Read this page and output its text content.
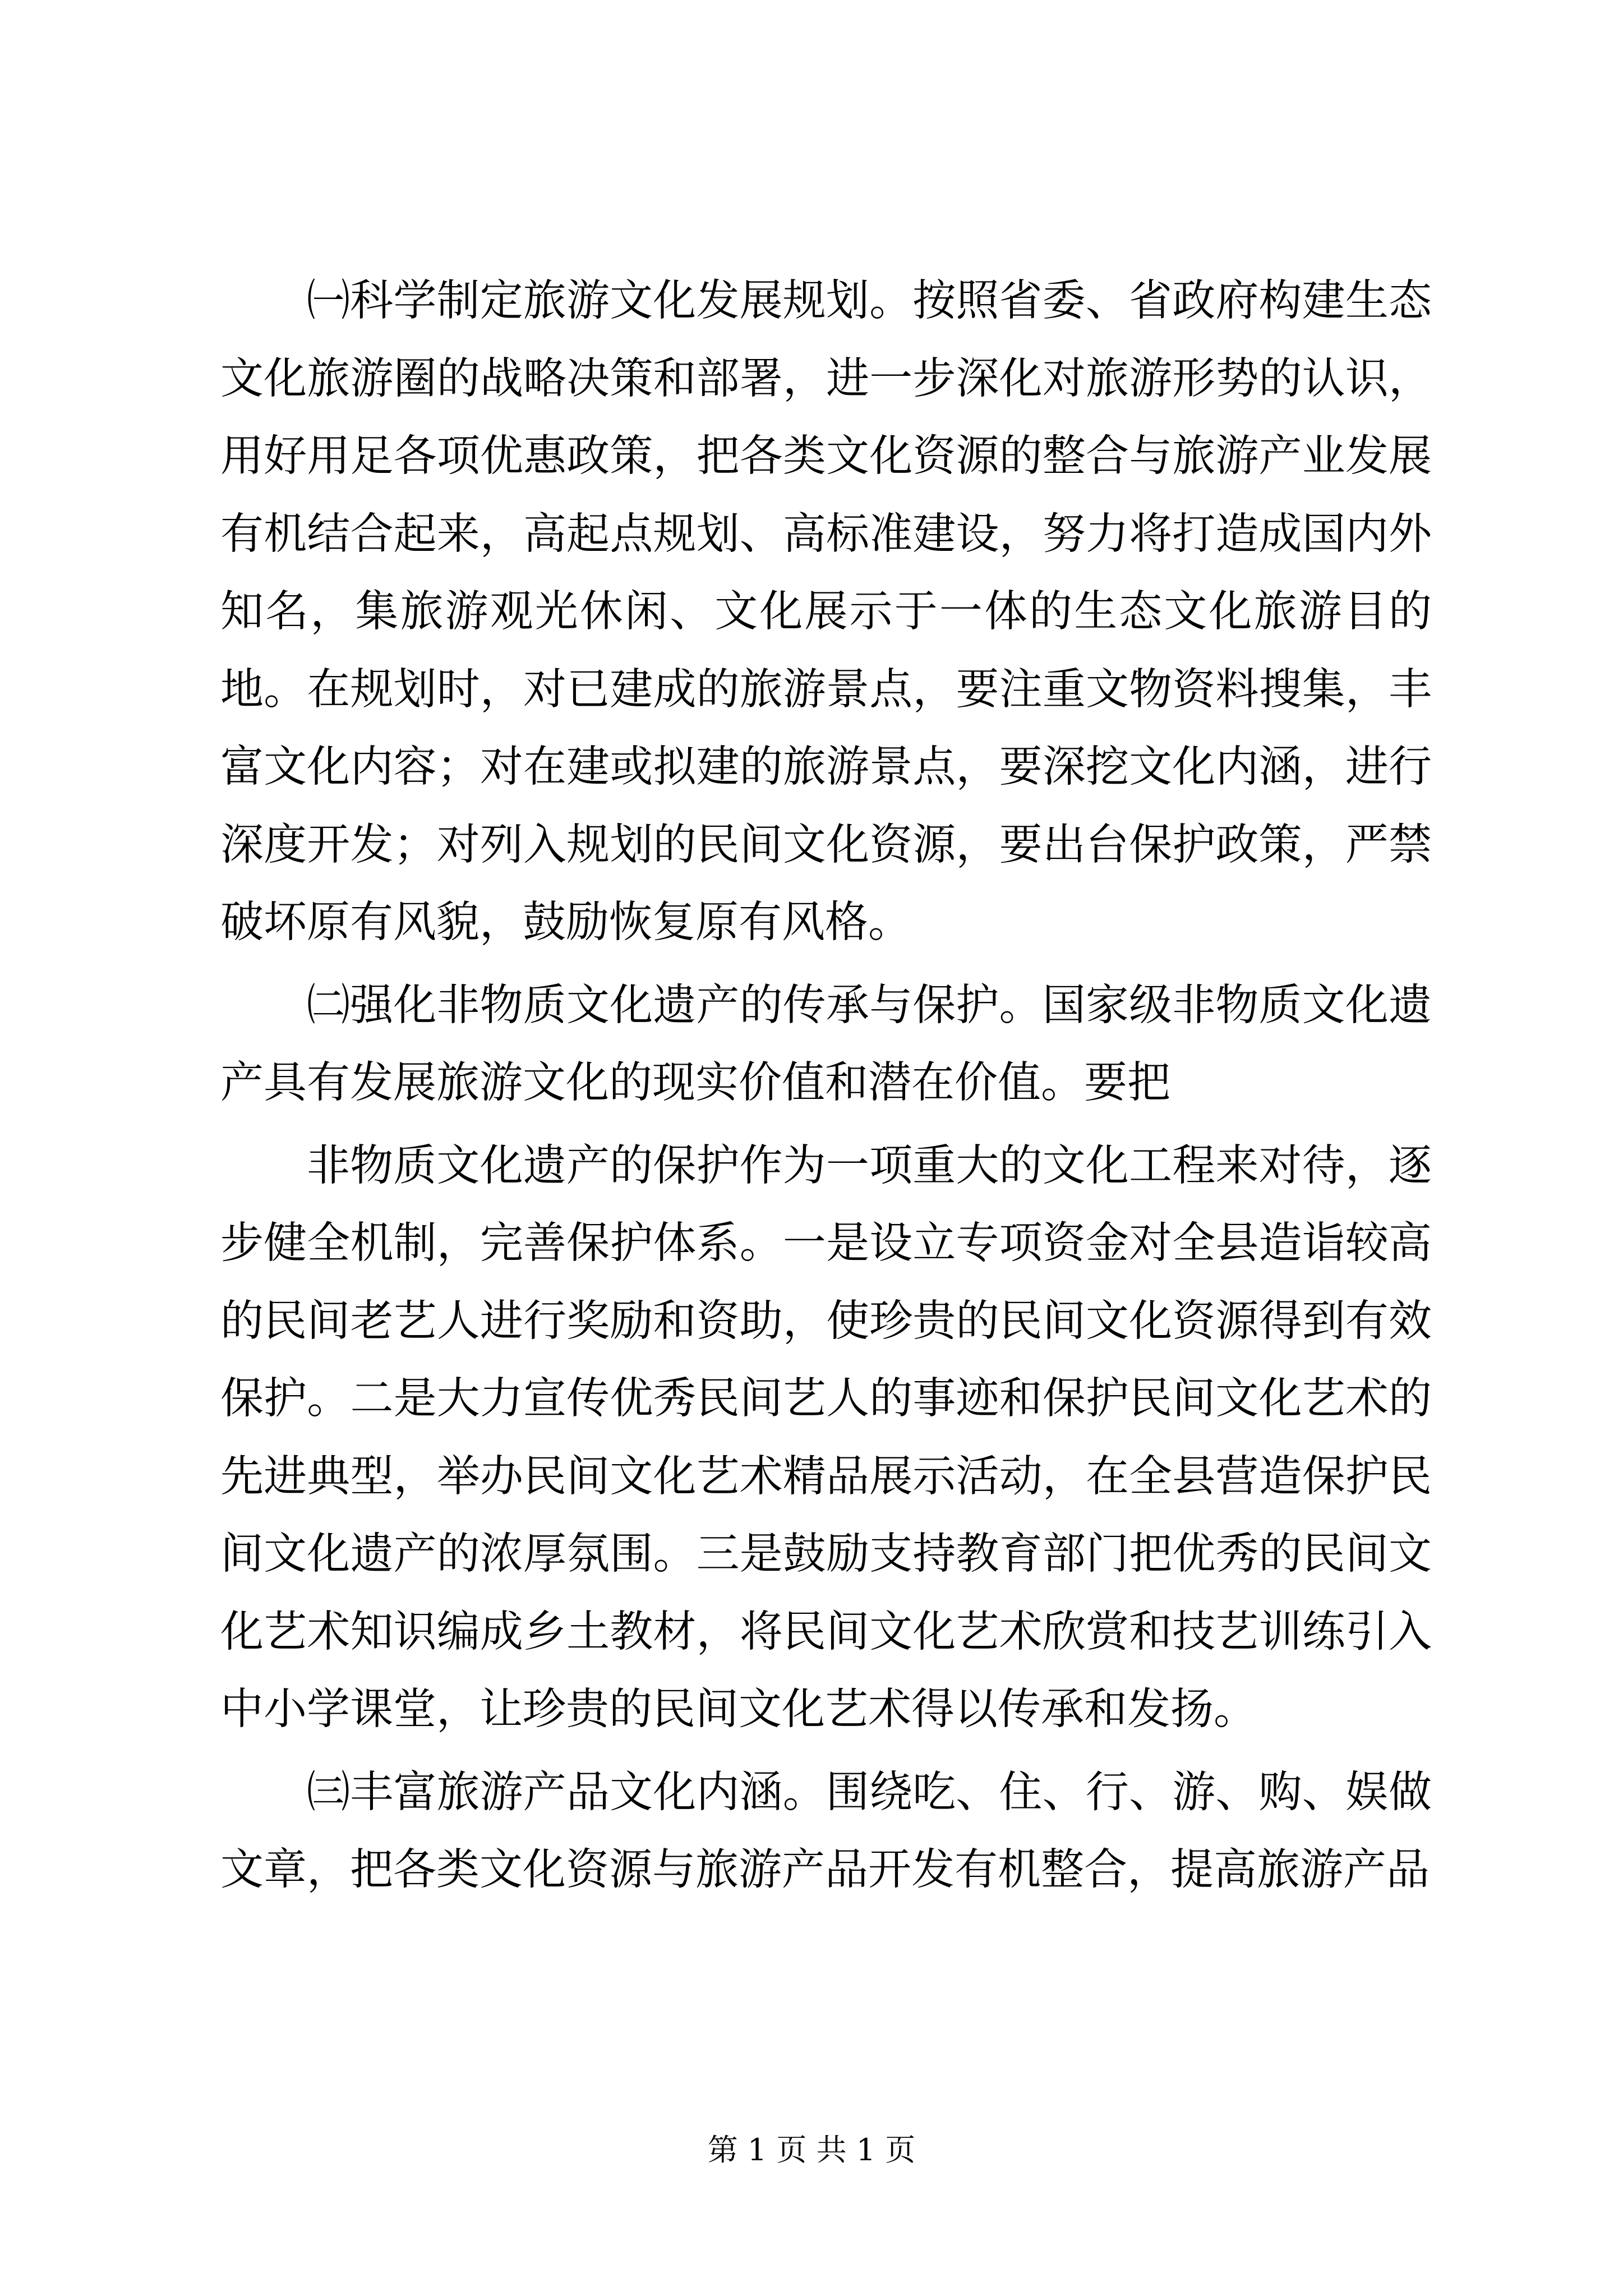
㈠科学制定旅游文化发展规划。按照省委、省政府构建生态文化旅游圈的战略决策和部署，进一步深化对旅游形势的认识，用好用足各项优惠政策，把各类文化资源的整合与旅游产业发展有机结合起来，高起点规划、高标准建设，努力将打造成国内外知名，集旅游观光休闲、文化展示于一体的生态文化旅游目的地。在规划时，对已建成的旅游景点，要注重文物资料搜集，丰富文化内容；对在建或拟建的旅游景点，要深挖文化内涵，进行深度开发；对列入规划的民间文化资源，要出台保护政策，严禁破坏原有风貌，鼓励恢复原有风格。

㈡强化非物质文化遗产的传承与保护。国家级非物质文化遗产具有发展旅游文化的现实价值和潜在价值。要把

非物质文化遗产的保护作为一项重大的文化工程来对待，逐步健全机制，完善保护体系。一是设立专项资金对全县造诣较高的民间老艺人进行奖励和资助，使珍贵的民间文化资源得到有效保护。二是大力宣传优秀民间艺人的事迹和保护民间文化艺术的先进典型，举办民间文化艺术精品展示活动，在全县营造保护民间文化遗产的浓厚氛围。三是鼓励支持教育部门把优秀的民间文化艺术知识编成乡土教材，将民间文化艺术欣赏和技艺训练引入中小学课堂，让珍贵的民间文化艺术得以传承和发扬。

㈢丰富旅游产品文化内涵。围绕吃、住、行、游、购、娱做文章，把各类文化资源与旅游产品开发有机整合，提高旅游产品

第 1 页 共 1 页
